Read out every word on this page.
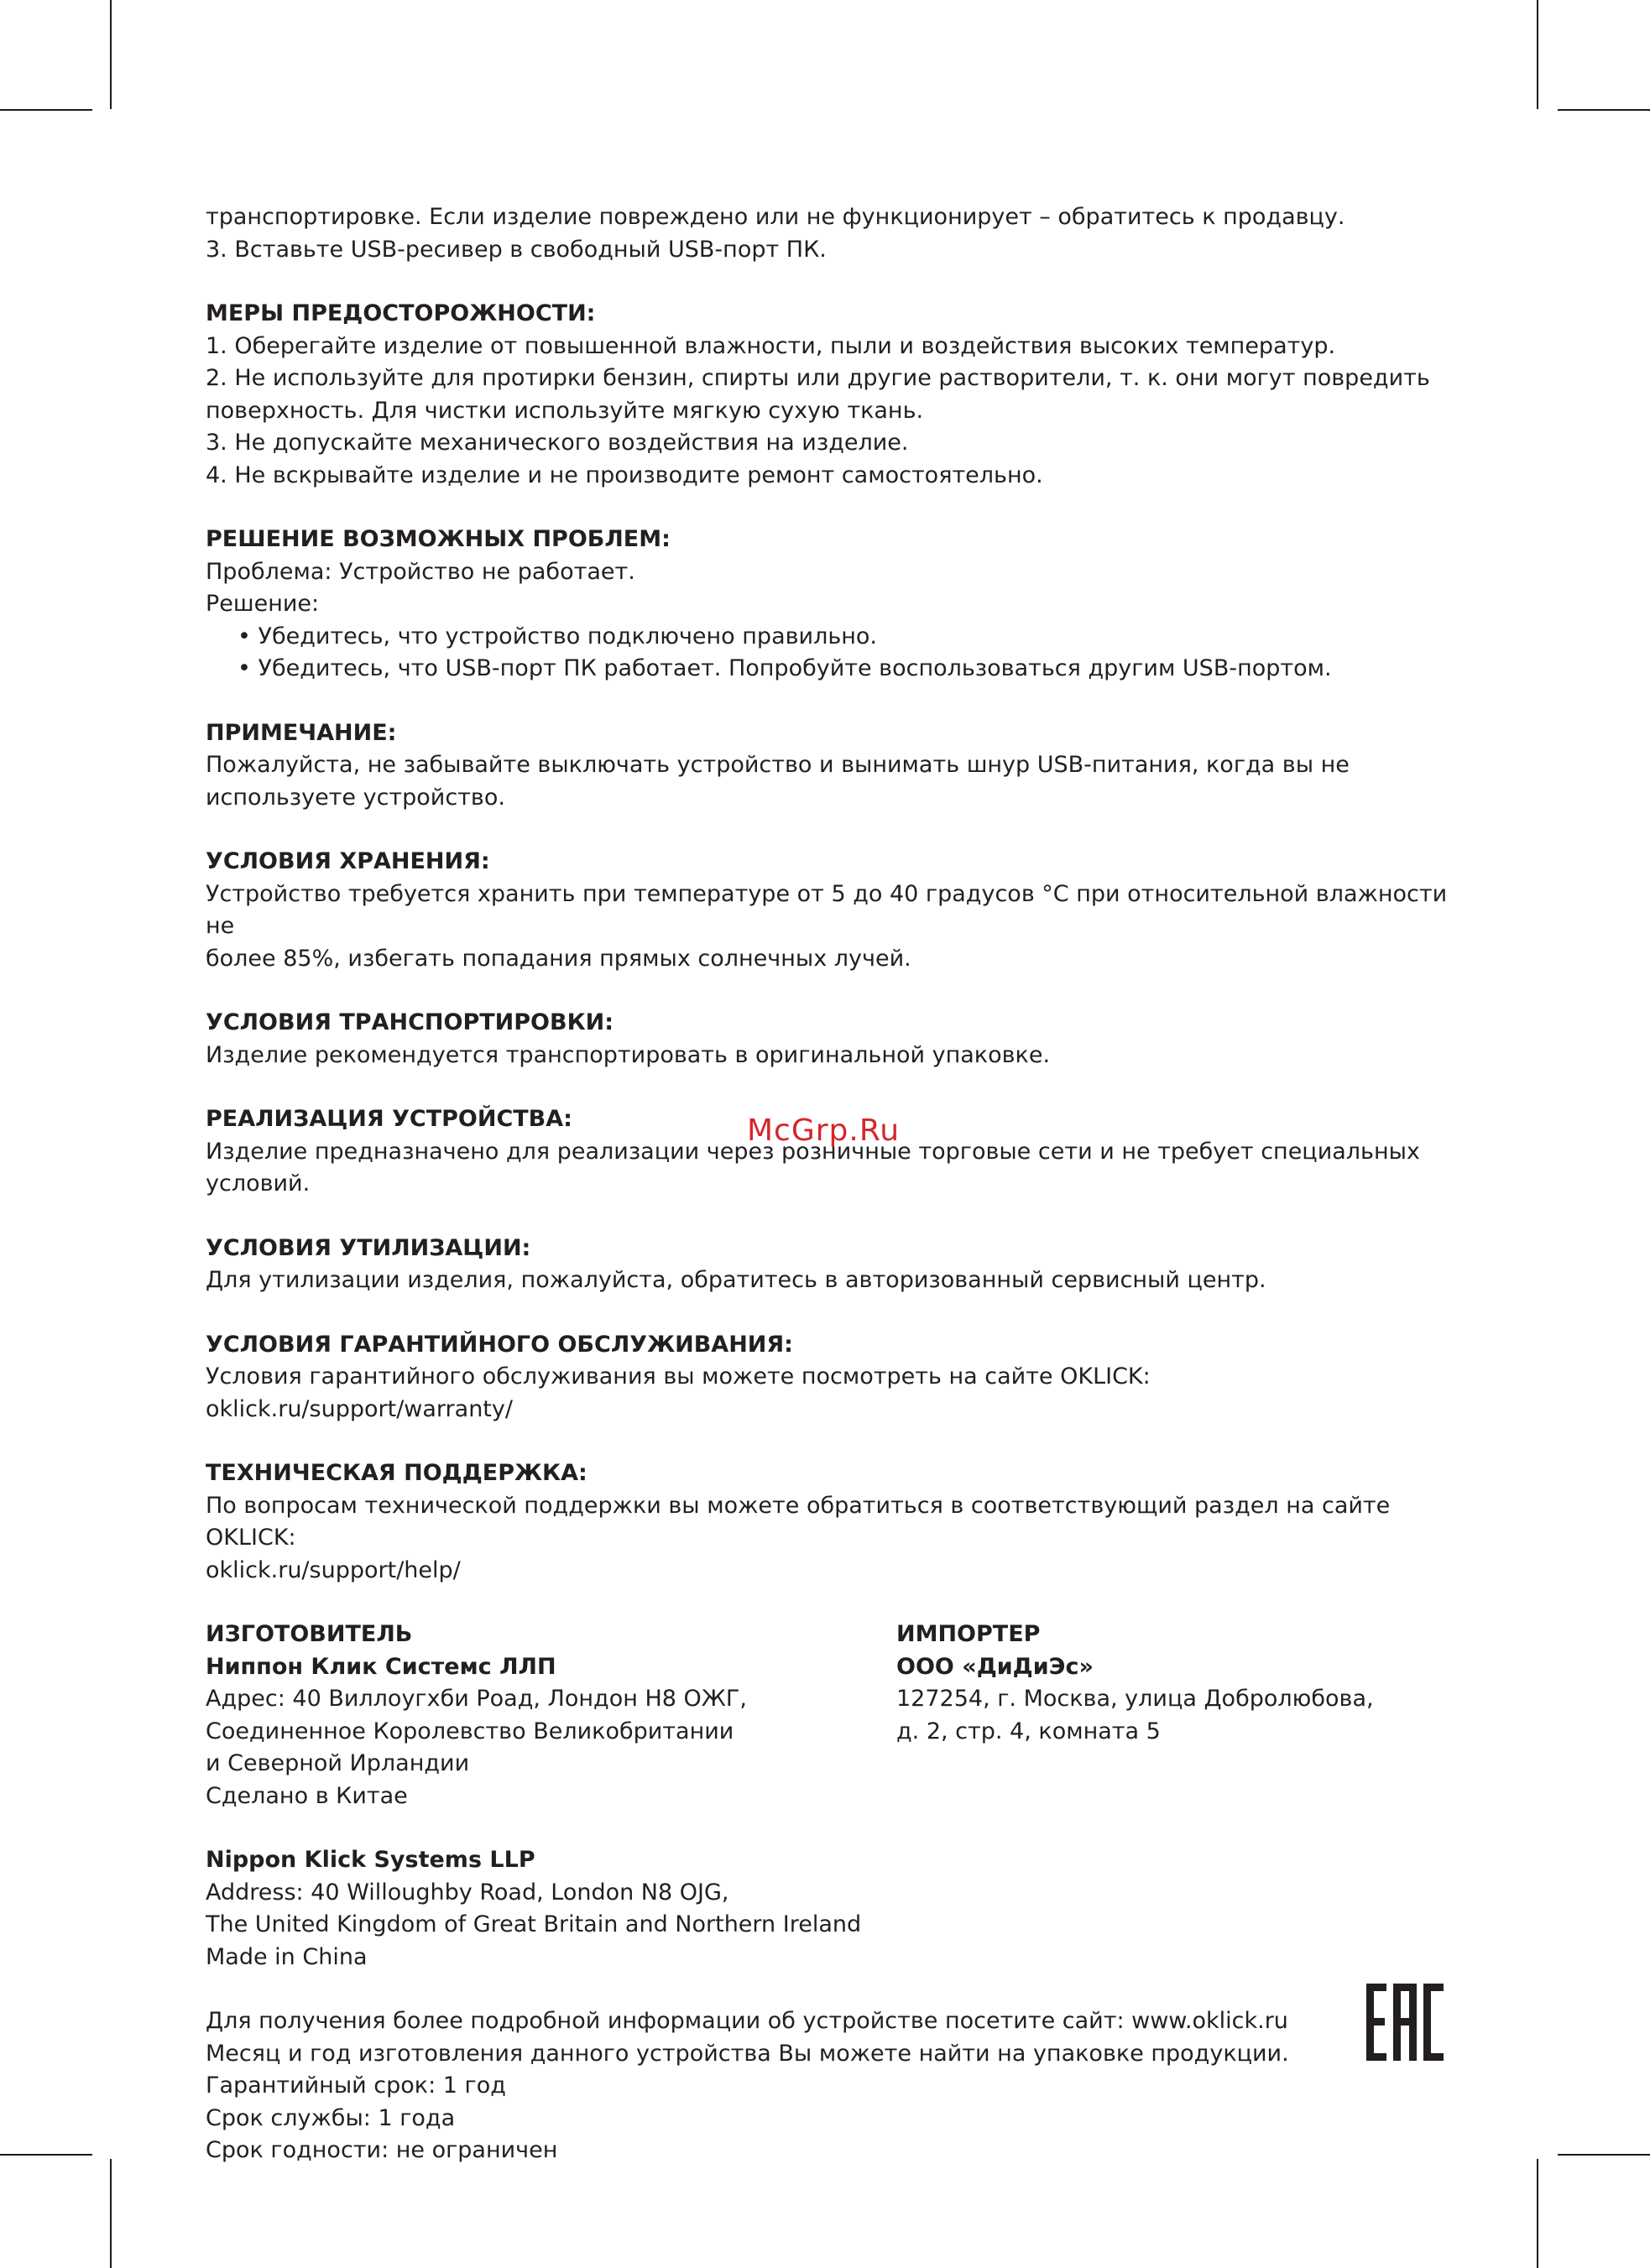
транспортировке. Если изделие повреждено или не функционирует – обратитесь к продавцу.

3. Вставьте USB-ресивер в свободный USB-порт ПК.

МЕРЫ ПРЕДОСТОРОЖНОСТИ:

1. Оберегайте изделие от повышенной влажности, пыли и воздействия высоких температур.

2. Не используйте для протирки бензин, спирты или другие растворители, т. к. они могут повредить

поверхность. Для чистки используйте мягкую сухую ткань.

3. Не допускайте механического воздействия на изделие.

4. Не вскрывайте изделие и не производите ремонт самостоятельно.

РЕШЕНИЕ ВОЗМОЖНЫХ ПРОБЛЕМ:

Проблема: Устройство не работает.

Решение:

• Убедитесь, что устройство подключено правильно.

• Убедитесь, что USB-порт ПК работает. Попробуйте воспользоваться другим USB-портом.

ПРИМЕЧАНИЕ:

Пожалуйста, не забывайте выключать устройство и вынимать шнур USB-питания, когда вы не

используете устройство.

УСЛОВИЯ ХРАНЕНИЯ:

Устройство требуется хранить при температуре от 5 до 40 градусов °С при относительной влажности не

более 85%, избегать попадания прямых солнечных лучей.

УСЛОВИЯ ТРАНСПОРТИРОВКИ:

Изделие рекомендуется транспортировать в оригинальной упаковке.

РЕАЛИЗАЦИЯ УСТРОЙСТВА:

Изделие предназначено для реализации через розничные торговые сети и не требует специальных

условий.

УСЛОВИЯ УТИЛИЗАЦИИ:

Для утилизации изделия, пожалуйста, обратитесь в авторизованный сервисный центр.

УСЛОВИЯ ГАРАНТИЙНОГО ОБСЛУЖИВАНИЯ:

Условия гарантийного обслуживания вы можете посмотреть на сайте OKLICK: oklick.ru/support/warranty/

ТЕХНИЧЕСКАЯ ПОДДЕРЖКА:

По вопросам технической поддержки вы можете обратиться в соответствующий раздел на сайте OKLICK:

oklick.ru/support/help/

ИЗГОТОВИТЕЛЬ

Ниппон Клик Системс ЛЛП

Адрес: 40 Виллоугхби Роад, Лондон Н8 ОЖГ,

Соединенное Королевство Великобритании

и Северной Ирландии

Сделано в Китае

ИМПОРТЕР

ООО «ДиДиЭс»

127254, г. Москва, улица Добролюбова,

д. 2, стр. 4, комната 5

Nippon Klick Systems LLP

Address: 40 Willoughby Road, London N8 OJG,

The United Kingdom of Great Britain and Northern Ireland

Made in China

Для получения более подробной информации об устройстве посетите сайт: www.oklick.ru

Месяц и год изготовления данного устройства Вы можете найти на упаковке продукции.

Гарантийный срок: 1 год

Срок службы: 1 года

Срок годности: не ограничен

McGrp.Ru
